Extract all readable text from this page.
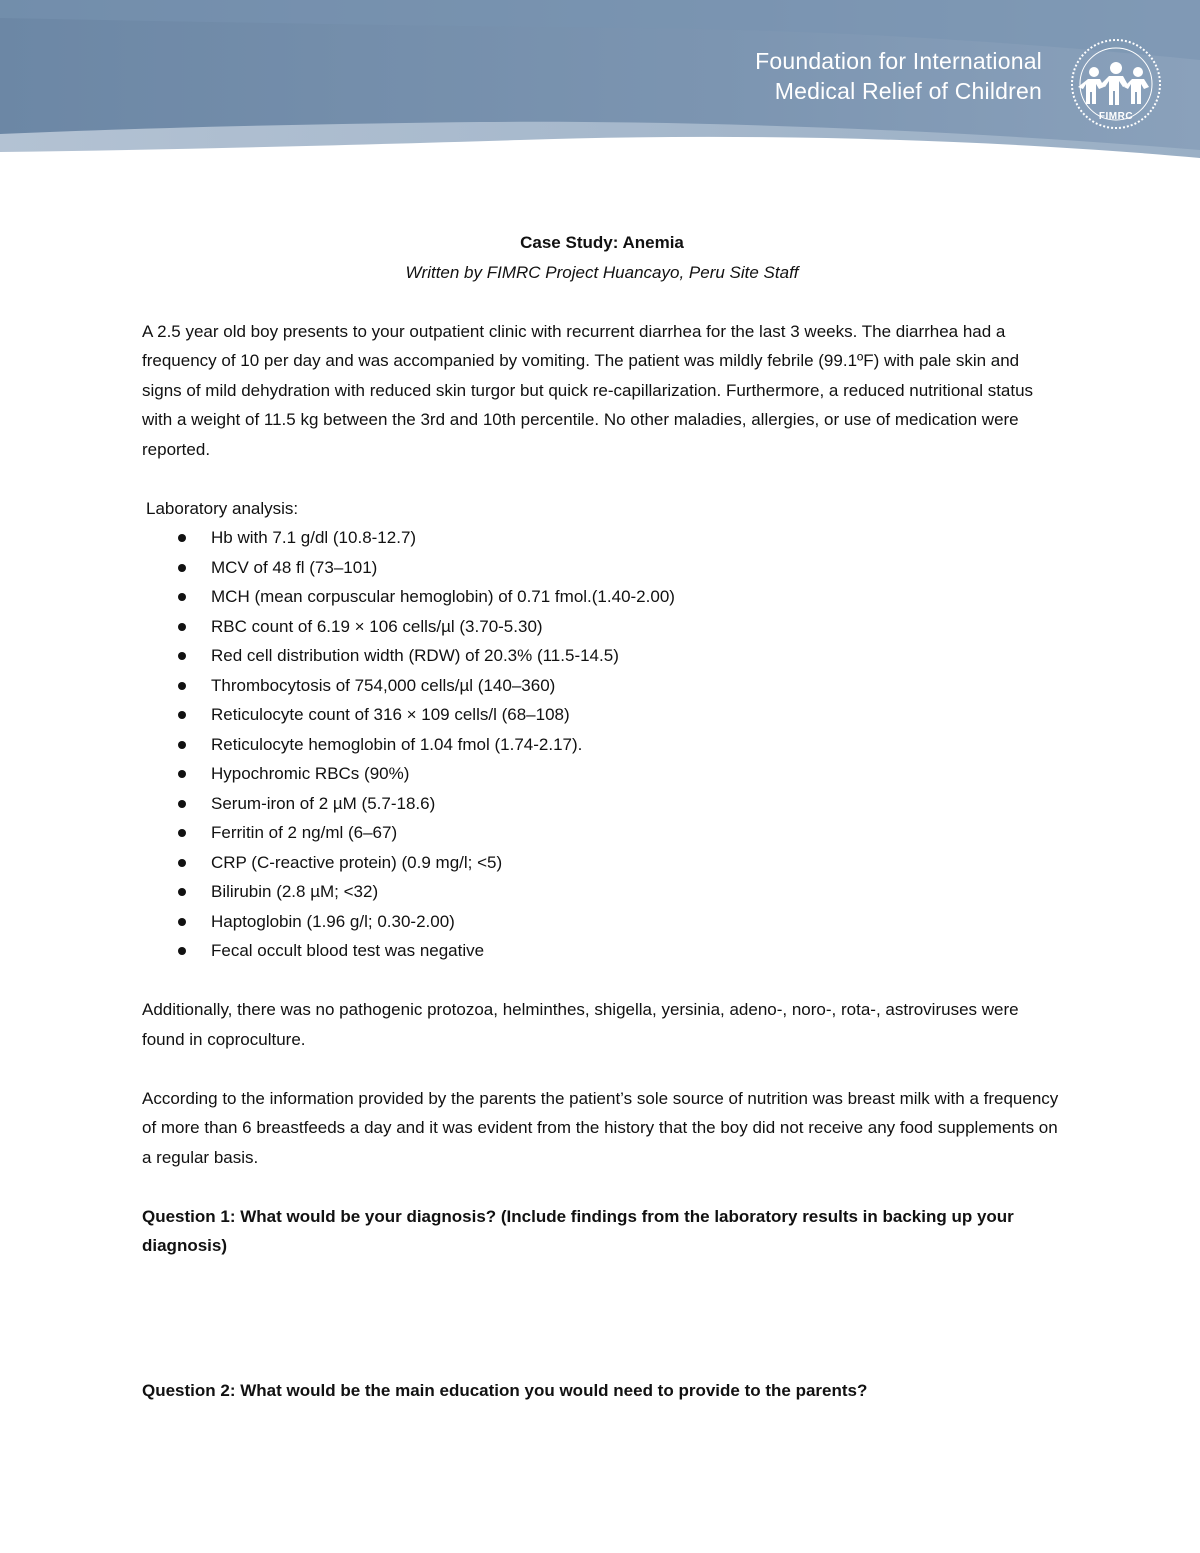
Foundation for International
Medical Relief of Children
FIMRC
Case Study: Anemia

Written by FIMRC Project Huancayo, Peru Site Staff

A 2.5 year old boy presents to your outpatient clinic with recurrent diarrhea for the last 3 weeks. The diarrhea had a frequency of 10 per day and was accompanied by vomiting. The patient was mildly febrile (99.1ºF) with pale skin and signs of mild dehydration with reduced skin turgor but quick re-capillarization. Furthermore, a reduced nutritional status with a weight of 11.5 kg between the 3rd and 10th percentile. No other maladies, allergies, or use of medication were reported.

Laboratory analysis:
Hb with 7.1 g/dl (10.8-12.7)
MCV of 48 fl (73–101)
MCH (mean corpuscular hemoglobin) of 0.71 fmol.(1.40-2.00)
RBC count of 6.19 × 106 cells/µl (3.70-5.30)
Red cell distribution width (RDW) of 20.3% (11.5-14.5)
Thrombocytosis of 754,000 cells/µl (140–360)
Reticulocyte count of 316 × 109 cells/l (68–108)
Reticulocyte hemoglobin of 1.04 fmol (1.74-2.17).
Hypochromic RBCs (90%)
Serum-iron of 2 µM (5.7-18.6)
Ferritin of 2 ng/ml (6–67)
CRP (C-reactive protein) (0.9 mg/l; <5)
Bilirubin (2.8 µM; <32)
Haptoglobin (1.96 g/l; 0.30-2.00)
Fecal occult blood test was negative

Additionally, there was no pathogenic protozoa, helminthes, shigella, yersinia, adeno-, noro-, rota-, astroviruses were found in coproculture.

According to the information provided by the parents the patient’s sole source of nutrition was breast milk with a frequency of more than 6 breastfeeds a day and it was evident from the history that the boy did not receive any food supplements on a regular basis.

Question 1: What would be your diagnosis? (Include findings from the laboratory results in backing up your diagnosis)

Question 2: What would be the main education you would need to provide to the parents?
